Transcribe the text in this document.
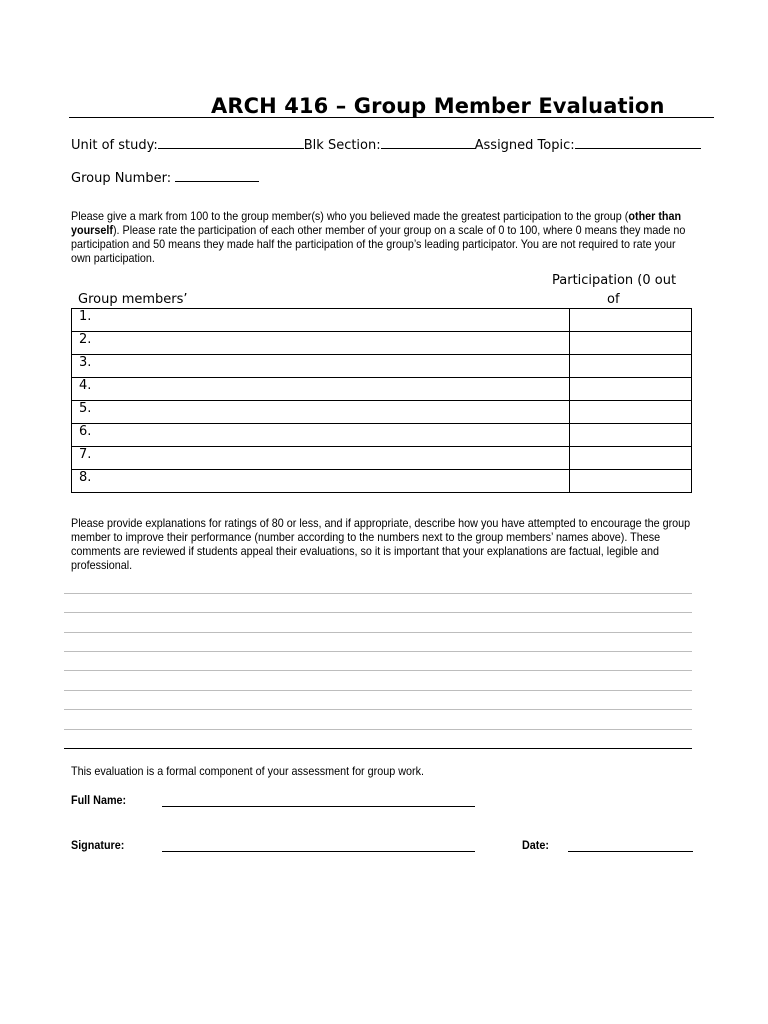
ARCH 416 – Group Member Evaluation
Unit of study:	Blk Section:	Assigned Topic:
Group Number:
Please give a mark from 100 to the group member(s) who you believed made the greatest participation to the group (other than yourself). Please rate the participation of each other member of your group on a scale of 0 to 100, where 0 means they made no participation and 50 means they made half the participation of the group’s leading participator. You are not required to rate your own participation.
Participation (0 out
Group members’	of
1.	
2.	
3.	
4.	
5.	
6.	
7.	
8.	
Please provide explanations for ratings of 80 or less, and if appropriate, describe how you have attempted to encourage the group member to improve their performance (number according to the numbers next to the group members’ names above). These comments are reviewed if students appeal their evaluations, so it is important that your explanations are factual, legible and professional.
This evaluation is a formal component of your assessment for group work.
Full Name:
Signature:	Date:
